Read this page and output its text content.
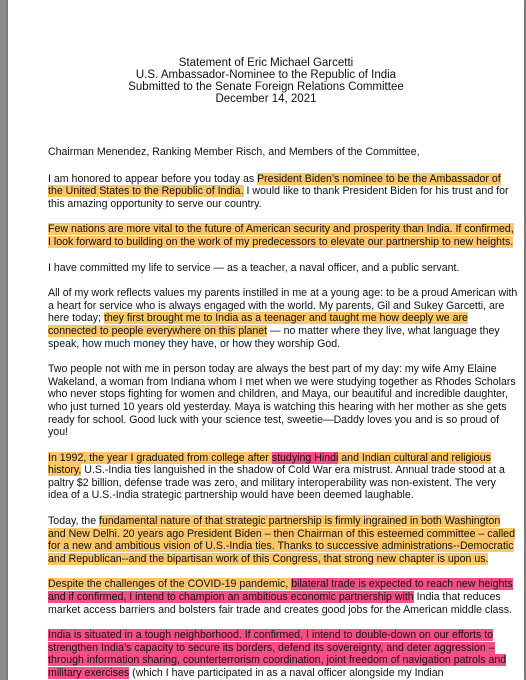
Statement of Eric Michael Garcetti
U.S. Ambassador-Nominee to the Republic of India
Submitted to the Senate Foreign Relations Committee
December 14, 2021

Chairman Menendez, Ranking Member Risch, and Members of the Committee,

I am honored to appear before you today as President Biden’s nominee to be the Ambassador of the United States to the Republic of India. I would like to thank President Biden for his trust and for this amazing opportunity to serve our country.

Few nations are more vital to the future of American security and prosperity than India. If confirmed, I look forward to building on the work of my predecessors to elevate our partnership to new heights.

I have committed my life to service — as a teacher, a naval officer, and a public servant.

All of my work reflects values my parents instilled in me at a young age: to be a proud American with a heart for service who is always engaged with the world. My parents, Gil and Sukey Garcetti, are here today; they first brought me to India as a teenager and taught me how deeply we are connected to people everywhere on this planet — no matter where they live, what language they speak, how much money they have, or how they worship God.

Two people not with me in person today are always the best part of my day: my wife Amy Elaine Wakeland, a woman from Indiana whom I met when we were studying together as Rhodes Scholars who never stops fighting for women and children, and Maya, our beautiful and incredible daughter, who just turned 10 years old yesterday. Maya is watching this hearing with her mother as she gets ready for school. Good luck with your science test, sweetie—Daddy loves you and is so proud of you!

In 1992, the year I graduated from college after studying Hindi and Indian cultural and religious history, U.S.-India ties languished in the shadow of Cold War era mistrust. Annual trade stood at a paltry $2 billion, defense trade was zero, and military interoperability was non-existent. The very idea of a U.S.-India strategic partnership would have been deemed laughable.

Today, the fundamental nature of that strategic partnership is firmly ingrained in both Washington and New Delhi. 20 years ago President Biden – then Chairman of this esteemed committee – called for a new and ambitious vision of U.S.-India ties. Thanks to successive administrations--Democratic and Republican--and the bipartisan work of this Congress, that strong new chapter is upon us.

Despite the challenges of the COVID-19 pandemic, bilateral trade is expected to reach new heights and if confirmed, I intend to champion an ambitious economic partnership with India that reduces market access barriers and bolsters fair trade and creates good jobs for the American middle class.

India is situated in a tough neighborhood. If confirmed, I intend to double-down on our efforts to strengthen India’s capacity to secure its borders, defend its sovereignty, and deter aggression – through information sharing, counterterrorism coordination, joint freedom of navigation patrols and military exercises (which I have participated in as a naval officer alongside my Indian
